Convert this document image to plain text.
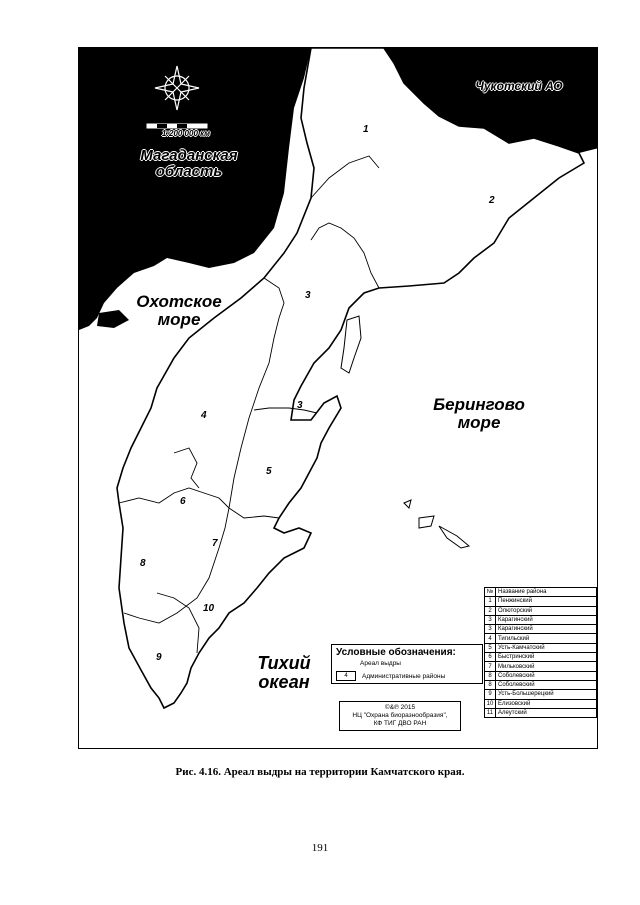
Магаданская область
1:200 000 км
Чукотский АО
Охотское море
Берингово море
Тихий океан
1
2
3
3
4
5
6
7
8
9
10
Условные обозначения:
Ареал выдры
4	Административные районы
©&℗ 2015
НЦ "Охрана биоразнообразия",
КФ ТИГ ДВО РАН
№	Название района
1	Пенжинский
2	Олюторский
3	Карагинский
3	Карагинский
4	Тигильский
5	Усть-Камчатский
6	Быстринский
7	Мильковский
8	Соболевский
8	Соболевский
9	Усть-Большерецкий
10	Елизовский
11	Алеутский
Рис. 4.16. Ареал выдры на территории Камчатского края.
191
